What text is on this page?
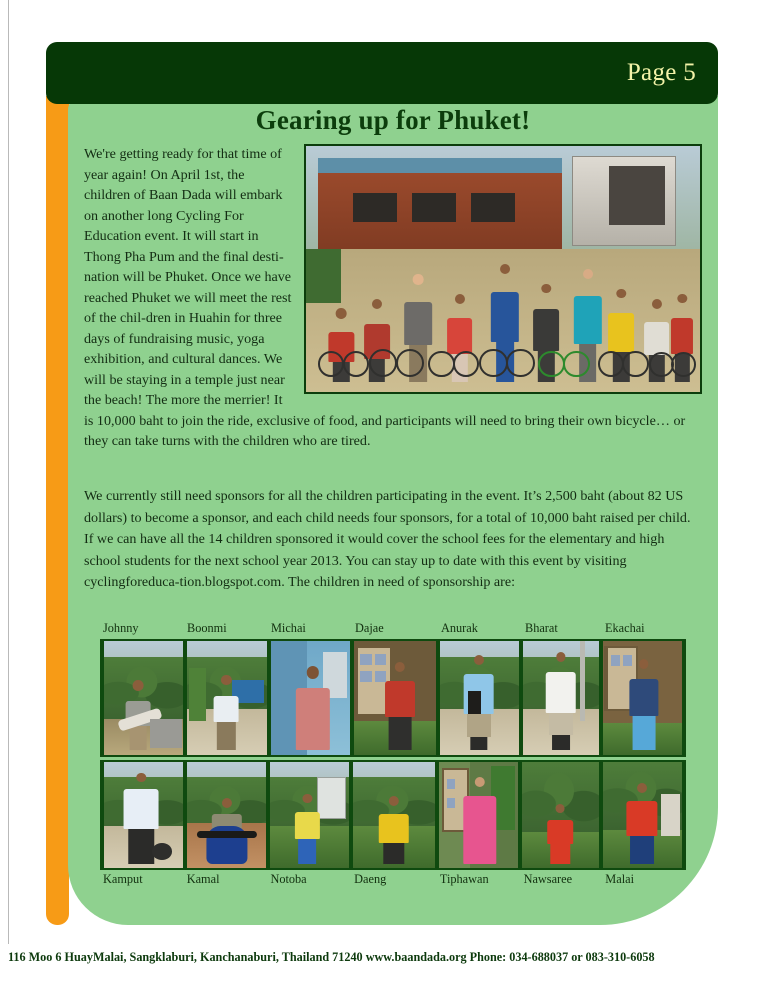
Gearing up for Phuket!
We're getting ready for that time of year again! On April 1st, the children of Baan Dada will embark on another long Cycling For Education event. It will start in Thong Pha Pum and the final desti-nation will be Phuket. Once we have reached Phuket we will meet the rest of the chil-dren in Huahin for three days of fundraising music, yoga exhibition, and cultural dances. We will be staying in a temple just near the beach! The more the merrier! It is 10,000 baht to join the ride, exclusive of food, and participants will need to bring their own bicycle… or they can take turns with the children who are tired.
We currently still need sponsors for all the children participating in the event. It’s 2,500 baht (about 82 US dollars) to become a sponsor, and each child needs four sponsors, for a total of 10,000 baht raised per child. If we can have all the 14 children sponsored it would cover the school fees for the elementary and high school students for the next school year 2013. You can stay up to date with this event by visiting cyclingforeduca-tion.blogspot.com. The children in need of sponsorship are:
Johnny	Boonmi	Michai	Dajae	Anurak	Bharat	Ekachai
Kamput	Kamal	Notoba	Daeng	Tiphawan	Nawsaree	Malai
Page 5
116 Moo 6 HuayMalai, Sangklaburi, Kanchanaburi, Thailand 71240 www.baandada.org Phone: 034-688037 or 083-310-6058
